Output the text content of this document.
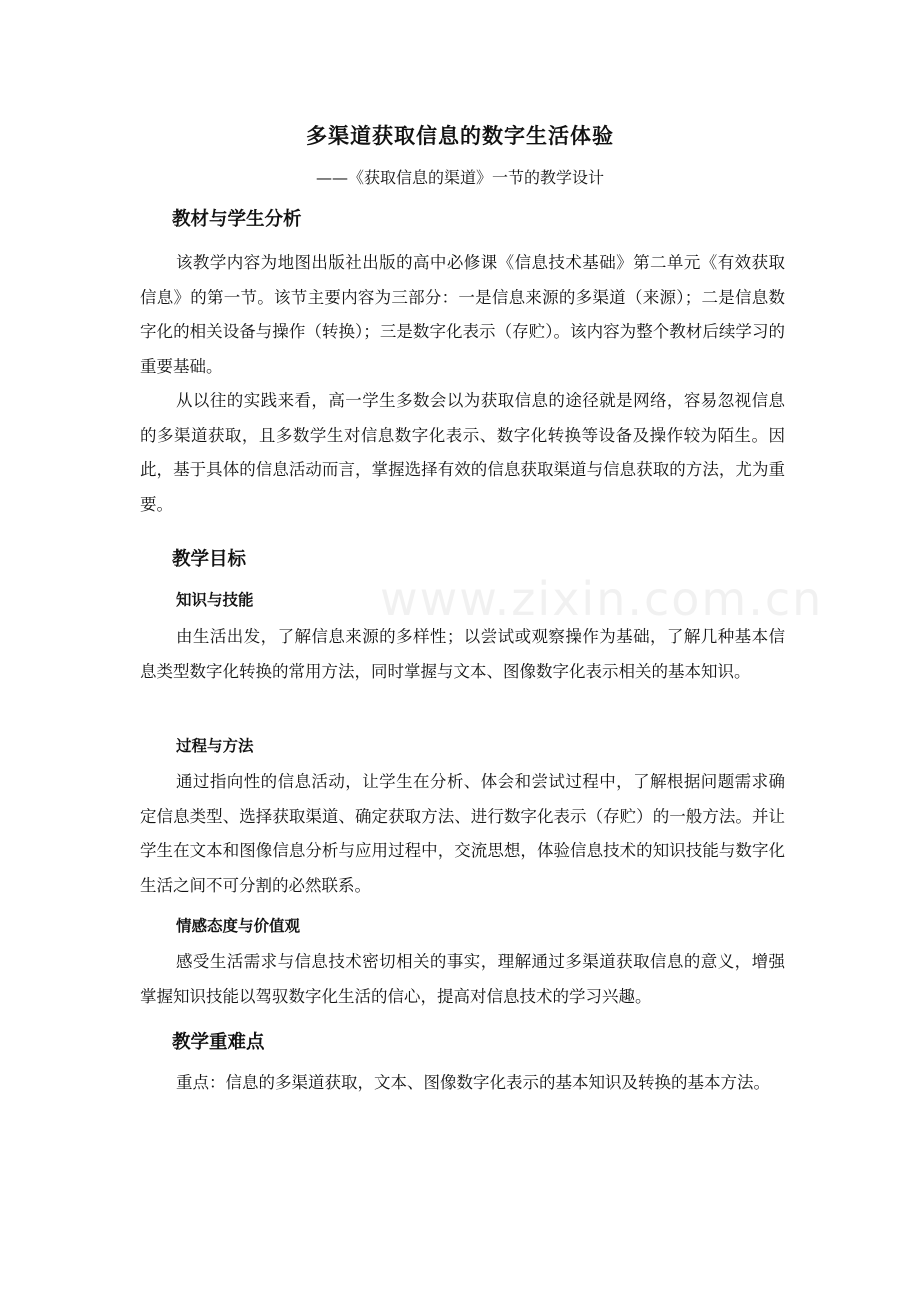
多渠道获取信息的数字生活体验
——《获取信息的渠道》一节的教学设计
教材与学生分析

该教学内容为地图出版社出版的高中必修课《信息技术基础》第二单元《有效获取信息》的第一节。该节主要内容为三部分：一是信息来源的多渠道（来源）；二是信息数字化的相关设备与操作（转换）；三是数字化表示（存贮）。该内容为整个教材后续学习的重要基础。

从以往的实践来看，高一学生多数会以为获取信息的途径就是网络，容易忽视信息的多渠道获取，且多数学生对信息数字化表示、数字化转换等设备及操作较为陌生。因此，基于具体的信息活动而言，掌握选择有效的信息获取渠道与信息获取的方法，尤为重要。

教学目标
知识与技能

由生活出发，了解信息来源的多样性；以尝试或观察操作为基础，了解几种基本信息类型数字化转换的常用方法，同时掌握与文本、图像数字化表示相关的基本知识。

过程与方法

通过指向性的信息活动，让学生在分析、体会和尝试过程中，了解根据问题需求确定信息类型、选择获取渠道、确定获取方法、进行数字化表示（存贮）的一般方法。并让学生在文本和图像信息分析与应用过程中，交流思想，体验信息技术的知识技能与数字化生活之间不可分割的必然联系。

情感态度与价值观

感受生活需求与信息技术密切相关的事实，理解通过多渠道获取信息的意义，增强掌握知识技能以驾驭数字化生活的信心，提高对信息技术的学习兴趣。

教学重难点

重点：信息的多渠道获取，文本、图像数字化表示的基本知识及转换的基本方法。

www.zixin.com.cn
